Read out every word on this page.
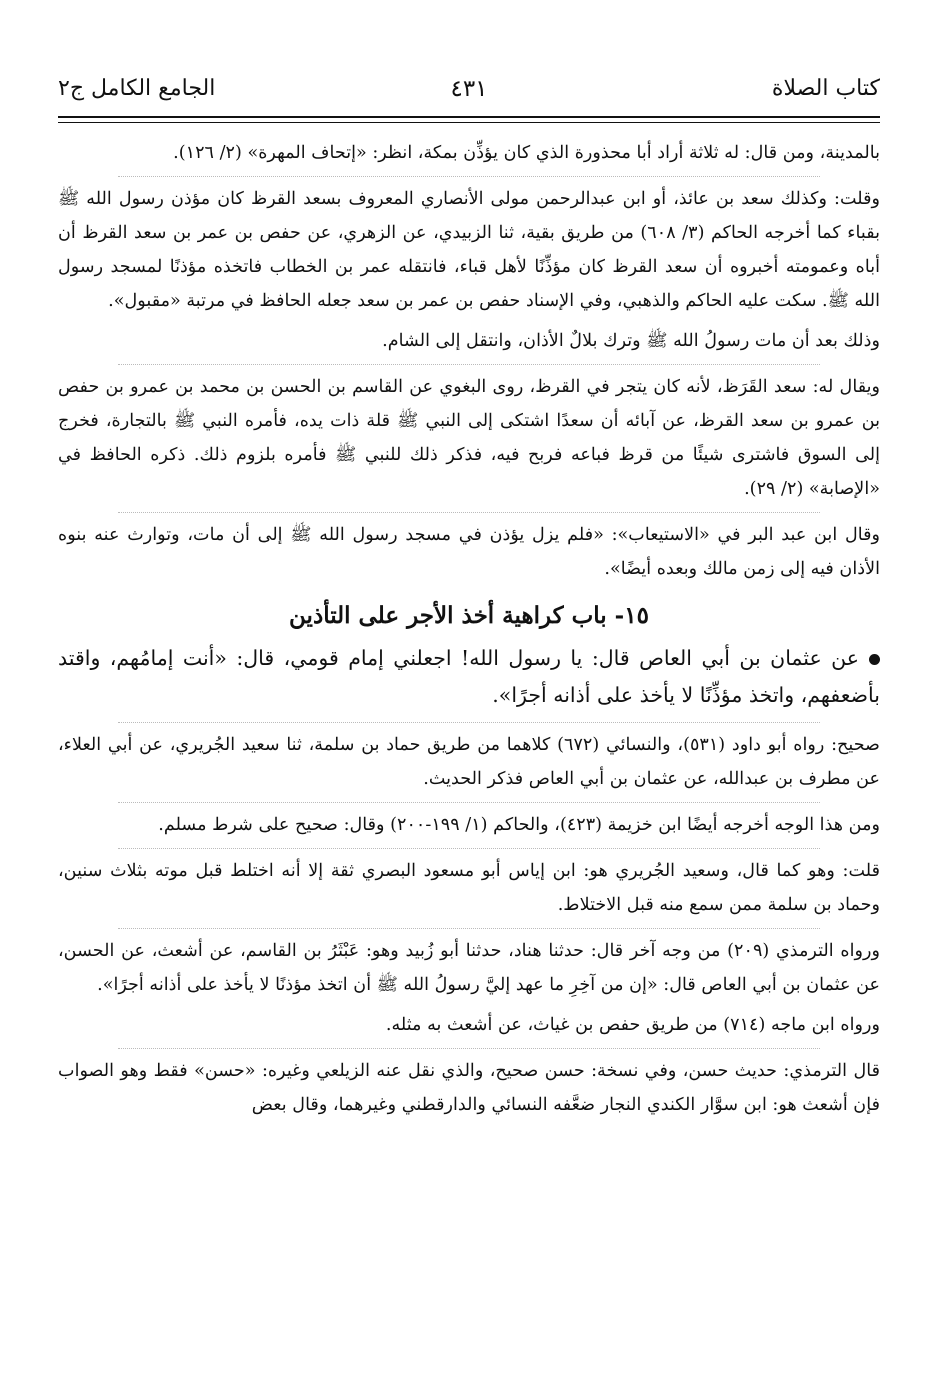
كتاب الصلاة
٤٣١
الجامع الكامل ج٢

بالمدينة، ومن قال: له ثلاثة أراد أبا محذورة الذي كان يؤذِّن بمكة، انظر: «إتحاف المهرة» (٢/ ١٢٦).

وقلت: وكذلك سعد بن عائذ، أو ابن عبدالرحمن مولى الأنصاري المعروف بسعد القرظ كان مؤذن رسول الله ﷺ بقباء كما أخرجه الحاكم (٣/ ٦٠٨) من طريق بقية، ثنا الزبيدي، عن الزهري، عن حفص بن عمر بن سعد القرظ أن أباه وعمومته أخبروه أن سعد القرظ كان مؤذِّنًا لأهل قباء، فانتقله عمر بن الخطاب فاتخذه مؤذنًا لمسجد رسول الله ﷺ. سكت عليه الحاكم والذهبي، وفي الإسناد حفص بن عمر بن سعد جعله الحافظ في مرتبة «مقبول».

وذلك بعد أن مات رسولُ الله ﷺ وترك بلالٌ الأذان، وانتقل إلى الشام.

ويقال له: سعد القَرَظ، لأنه كان يتجر في القرظ، روى البغوي عن القاسم بن الحسن بن محمد بن عمرو بن حفص بن عمرو بن سعد القرظ، عن آبائه أن سعدًا اشتكى إلى النبي ﷺ قلة ذات يده، فأمره النبي ﷺ بالتجارة، فخرج إلى السوق فاشترى شيئًا من قرظ فباعه فربح فيه، فذكر ذلك للنبي ﷺ فأمره بلزوم ذلك. ذكره الحافظ في «الإصابة» (٢/ ٢٩).

وقال ابن عبد البر في «الاستيعاب»: «فلم يزل يؤذن في مسجد رسول الله ﷺ إلى أن مات، وتوارث عنه بنوه الأذان فيه إلى زمن مالك وبعده أيضًا».

١٥- باب كراهية أخذ الأجر على التأذين

عن عثمان بن أبي العاص قال: يا رسول الله! اجعلني إمام قومي، قال: «أنت إمامُهم، واقتد بأضعفهم، واتخذ مؤذِّنًا لا يأخذ على أذانه أجرًا».

صحيح: رواه أبو داود (٥٣١)، والنسائي (٦٧٢) كلاهما من طريق حماد بن سلمة، ثنا سعيد الجُريري، عن أبي العلاء، عن مطرف بن عبدالله، عن عثمان بن أبي العاص فذكر الحديث.

ومن هذا الوجه أخرجه أيضًا ابن خزيمة (٤٢٣)، والحاكم (١/ ١٩٩-٢٠٠) وقال: صحيح على شرط مسلم.

قلت: وهو كما قال، وسعيد الجُريري هو: ابن إياس أبو مسعود البصري ثقة إلا أنه اختلط قبل موته بثلاث سنين، وحماد بن سلمة ممن سمع منه قبل الاختلاط.

ورواه الترمذي (٢٠٩) من وجه آخر قال: حدثنا هناد، حدثنا أبو زُبيد وهو: عَبْثَرُ بن القاسم، عن أشعث، عن الحسن، عن عثمان بن أبي العاص قال: «إن من آخِرِ ما عهد إليَّ رسولُ الله ﷺ أن اتخذ مؤذنًا لا يأخذ على أذانه أجرًا».

ورواه ابن ماجه (٧١٤) من طريق حفص بن غياث، عن أشعث به مثله.

قال الترمذي: حديث حسن، وفي نسخة: حسن صحيح، والذي نقل عنه الزيلعي وغيره: «حسن» فقط وهو الصواب فإن أشعث هو: ابن سوَّار الكندي النجار ضعَّفه النسائي والدارقطني وغيرهما، وقال بعض
